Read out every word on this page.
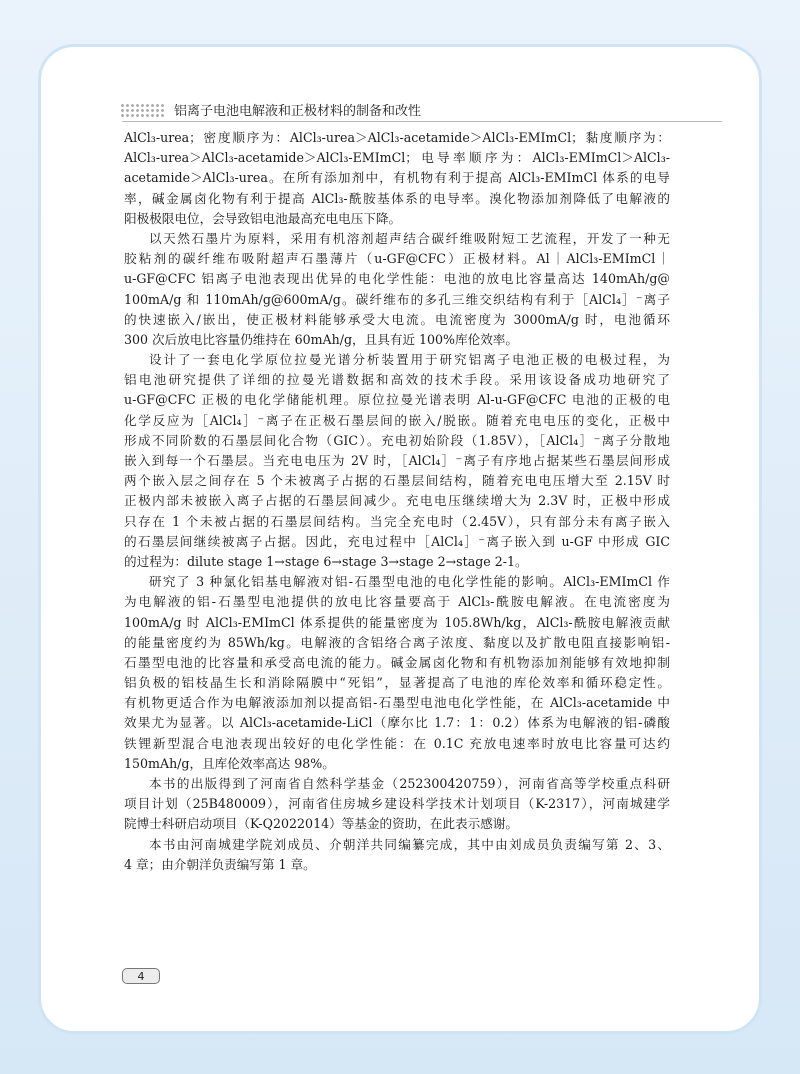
铝离子电池电解液和正极材料的制备和改性
AlCl₃-urea；密度顺序为：AlCl₃-urea＞AlCl₃-acetamide＞AlCl₃-EMImCl；黏度顺序为：
AlCl₃-urea＞AlCl₃-acetamide＞AlCl₃-EMImCl；电导率顺序为：AlCl₃-EMImCl＞AlCl₃-
acetamide＞AlCl₃-urea。在所有添加剂中，有机物有利于提高 AlCl₃-EMImCl 体系的电导
率，碱金属卤化物有利于提高 AlCl₃-酰胺基体系的电导率。溴化物添加剂降低了电解液的
阳极极限电位，会导致铝电池最高充电电压下降。
以天然石墨片为原料，采用有机溶剂超声结合碳纤维吸附短工艺流程，开发了一种无
胶粘剂的碳纤维布吸附超声石墨薄片（u-GF@CFC）正极材料。Al｜AlCl₃-EMImCl｜
u-GF@CFC 铝离子电池表现出优异的电化学性能：电池的放电比容量高达 140mAh/g@
100mA/g 和 110mAh/g@600mA/g。碳纤维布的多孔三维交织结构有利于［AlCl₄］⁻离子
的快速嵌入/嵌出，使正极材料能够承受大电流。电流密度为 3000mA/g 时，电池循环
300 次后放电比容量仍维持在 60mAh/g，且具有近 100%库伦效率。
设计了一套电化学原位拉曼光谱分析装置用于研究铝离子电池正极的电极过程，为
铝电池研究提供了详细的拉曼光谱数据和高效的技术手段。采用该设备成功地研究了
u-GF@CFC 正极的电化学储能机理。原位拉曼光谱表明 Al-u-GF@CFC 电池的正极的电
化学反应为［AlCl₄］⁻离子在正极石墨层间的嵌入/脱嵌。随着充电电压的变化，正极中
形成不同阶数的石墨层间化合物（GIC）。充电初始阶段（1.85V），［AlCl₄］⁻离子分散地
嵌入到每一个石墨层。当充电电压为 2V 时，［AlCl₄］⁻离子有序地占据某些石墨层间形成
两个嵌入层之间存在 5 个未被离子占据的石墨层间结构，随着充电电压增大至 2.15V 时
正极内部未被嵌入离子占据的石墨层间减少。充电电压继续增大为 2.3V 时，正极中形成
只存在 1 个未被占据的石墨层间结构。当完全充电时（2.45V），只有部分未有离子嵌入
的石墨层间继续被离子占据。因此，充电过程中［AlCl₄］⁻离子嵌入到 u-GF 中形成 GIC
的过程为：dilute stage 1→stage 6→stage 3→stage 2→stage 2-1。
研究了 3 种氯化铝基电解液对铝-石墨型电池的电化学性能的影响。AlCl₃-EMImCl 作
为电解液的铝-石墨型电池提供的放电比容量要高于 AlCl₃-酰胺电解液。在电流密度为
100mA/g 时 AlCl₃-EMImCl 体系提供的能量密度为 105.8Wh/kg，AlCl₃-酰胺电解液贡献
的能量密度约为 85Wh/kg。电解液的含铝络合离子浓度、黏度以及扩散电阻直接影响铝-
石墨型电池的比容量和承受高电流的能力。碱金属卤化物和有机物添加剂能够有效地抑制
铝负极的铝枝晶生长和消除隔膜中“死铝”，显著提高了电池的库伦效率和循环稳定性。
有机物更适合作为电解液添加剂以提高铝-石墨型电池电化学性能，在 AlCl₃-acetamide 中
效果尤为显著。以 AlCl₃-acetamide-LiCl（摩尔比 1.7：1：0.2）体系为电解液的铝-磷酸
铁锂新型混合电池表现出较好的电化学性能：在 0.1C 充放电速率时放电比容量可达约
150mAh/g，且库伦效率高达 98%。
本书的出版得到了河南省自然科学基金（252300420759），河南省高等学校重点科研
项目计划（25B480009），河南省住房城乡建设科学技术计划项目（K-2317），河南城建学
院博士科研启动项目（K-Q2022014）等基金的资助，在此表示感谢。
本书由河南城建学院刘成员、介朝洋共同编纂完成，其中由刘成员负责编写第 2、3、
4 章；由介朝洋负责编写第 1 章。
4
